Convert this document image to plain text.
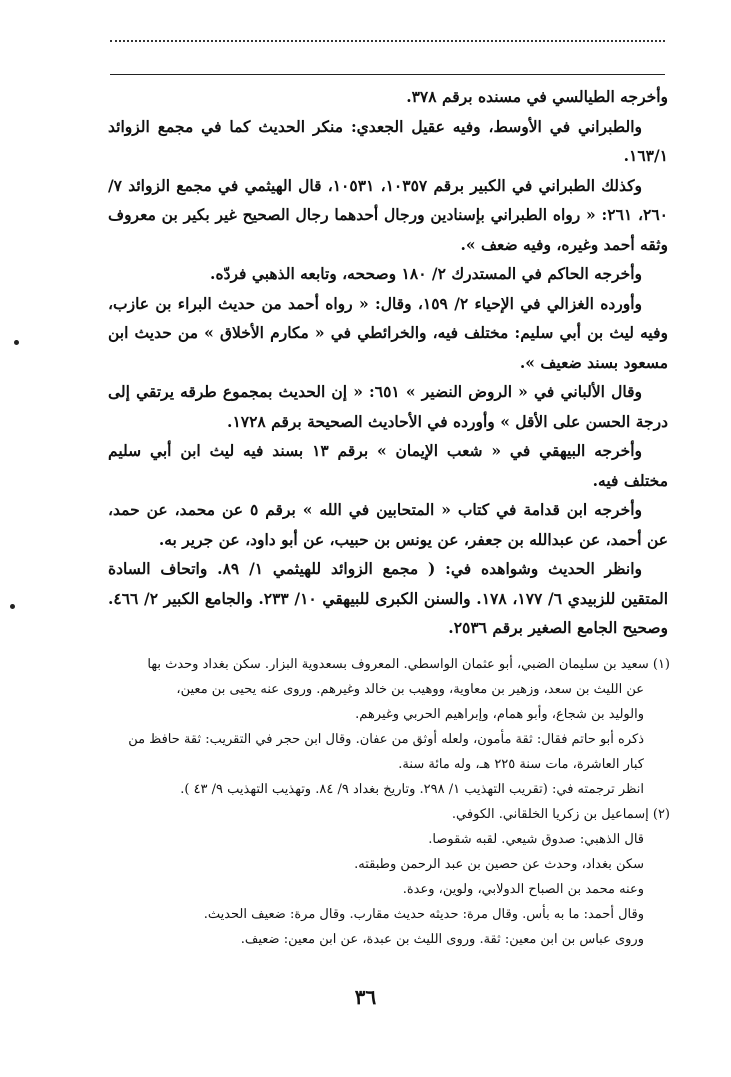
وأخرجه الطيالسي في مسنده برقم ٣٧٨.

والطبراني في الأوسط، وفيه عقيل الجعدي: منكر الحديث كما في مجمع الزوائد ١٦٣/١.

وكذلك الطبراني في الكبير برقم ١٠٣٥٧، ١٠٥٣١، قال الهيثمي في مجمع الزوائد ٧/ ٢٦٠، ٢٦١: « رواه الطبراني بإسنادين ورجال أحدهما رجال الصحيح غير بكير بن معروف وثقه أحمد وغيره، وفيه ضعف ».

وأخرجه الحاكم في المستدرك ٢/ ١٨٠ وصححه، وتابعه الذهبي فردّه.

وأورده الغزالي في الإحياء ٢/ ١٥٩، وقال: « رواه أحمد من حديث البراء بن عازب، وفيه ليث بن أبي سليم: مختلف فيه، والخرائطي في « مكارم الأخلاق » من حديث ابن مسعود بسند ضعيف ».

وقال الألباني في « الروض النضير » ٦٥١: « إن الحديث بمجموع طرقه يرتقي إلى درجة الحسن على الأقل » وأورده في الأحاديث الصحيحة برقم ١٧٢٨.

وأخرجه البيهقي في « شعب الإيمان » برقم ١٣ بسند فيه ليث ابن أبي سليم مختلف فيه.

وأخرجه ابن قدامة في كتاب « المتحابين في الله » برقم ٥ عن محمد، عن حمد، عن أحمد، عن عبدالله بن جعفر، عن يونس بن حبيب، عن أبو داود، عن جرير به.

وانظر الحديث وشواهده في: ( مجمع الزوائد للهيثمي ١/ ٨٩. واتحاف السادة المتقين للزبيدي ٦/ ١٧٧، ١٧٨. والسنن الكبرى للبيهقي ١٠/ ٢٣٣. والجامع الكبير ٢/ ٤٦٦. وصحيح الجامع الصغير برقم ٢٥٣٦.

(١) سعيد بن سليمان الضبي، أبو عثمان الواسطي. المعروف بسعدوية البزار. سكن بغداد وحدث بها

عن الليث بن سعد، وزهير بن معاوية، ووهيب بن خالد وغيرهم. وروى عنه يحيى بن معين،

والوليد بن شجاع، وأبو همام، وإبراهيم الحربي وغيرهم.

ذكره أبو حاتم فقال: ثقة مأمون، ولعله أوثق من عفان. وقال ابن حجر في التقريب: ثقة حافظ من

كبار العاشرة، مات سنة ٢٢٥ هـ، وله مائة سنة.

انظر ترجمته في: (تقريب التهذيب ١/ ٢٩٨. وتاريخ بغداد ٩/ ٨٤. وتهذيب التهذيب ٩/ ٤٣ ).

(٢) إسماعيل بن زكريا الخلقاني. الكوفي.

قال الذهبي: صدوق شيعي. لقبه شقوصا.

سكن بغداد، وحدث عن حصين بن عبد الرحمن وطبقته.

وعنه محمد بن الصباح الدولابي، ولوين، وعدة.

وقال أحمد: ما به بأس. وقال مرة: حديثه حديث مقارب. وقال مرة: ضعيف الحديث.

وروى عباس بن ابن معين: ثقة. وروى الليث بن عبدة، عن ابن معين: ضعيف.

٣٦
